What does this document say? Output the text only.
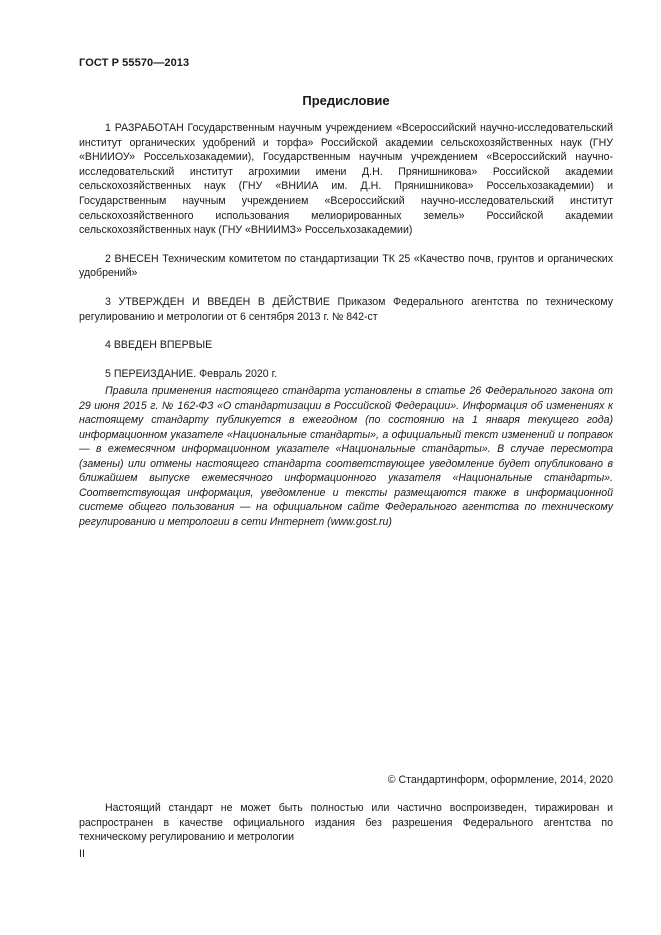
ГОСТ Р 55570—2013
Предисловие

1 РАЗРАБОТАН Государственным научным учреждением «Всероссийский научно-исследовательский институт органических удобрений и торфа» Российской академии сельскохозяйственных наук (ГНУ «ВНИИОУ» Россельхозакадемии), Государственным научным учреждением «Всероссийский научно-исследовательский институт агрохимии имени Д.Н. Прянишникова» Российской академии сельскохозяйственных наук (ГНУ «ВНИИА им. Д.Н. Прянишникова» Россельхозакадемии) и Государственным научным учреждением «Всероссийский научно-исследовательский институт сельскохозяйственного использования мелиорированных земель» Российской академии сельскохозяйственных наук (ГНУ «ВНИИМЗ» Россельхозакадемии)

2 ВНЕСЕН Техническим комитетом по стандартизации ТК 25 «Качество почв, грунтов и органических удобрений»

3 УТВЕРЖДЕН И ВВЕДЕН В ДЕЙСТВИЕ Приказом Федерального агентства по техническому регулированию и метрологии от 6 сентября 2013 г. № 842-ст

4 ВВЕДЕН ВПЕРВЫЕ

5 ПЕРЕИЗДАНИЕ. Февраль 2020 г.

Правила применения настоящего стандарта установлены в статье 26 Федерального закона от 29 июня 2015 г. № 162-ФЗ «О стандартизации в Российской Федерации». Информация об изменениях к настоящему стандарту публикуется в ежегодном (по состоянию на 1 января текущего года) информационном указателе «Национальные стандарты», а официальный текст изменений и поправок — в ежемесячном информационном указателе «Национальные стандарты». В случае пересмотра (замены) или отмены настоящего стандарта соответствующее уведомление будет опубликовано в ближайшем выпуске ежемесячного информационного указателя «Национальные стандарты». Соответствующая информация, уведомление и тексты размещаются также в информационной системе общего пользования — на официальном сайте Федерального агентства по техническому регулированию и метрологии в сети Интернет (www.gost.ru)

© Стандартинформ, оформление, 2014, 2020

Настоящий стандарт не может быть полностью или частично воспроизведен, тиражирован и распространен в качестве официального издания без разрешения Федерального агентства по техническому регулированию и метрологии

II
